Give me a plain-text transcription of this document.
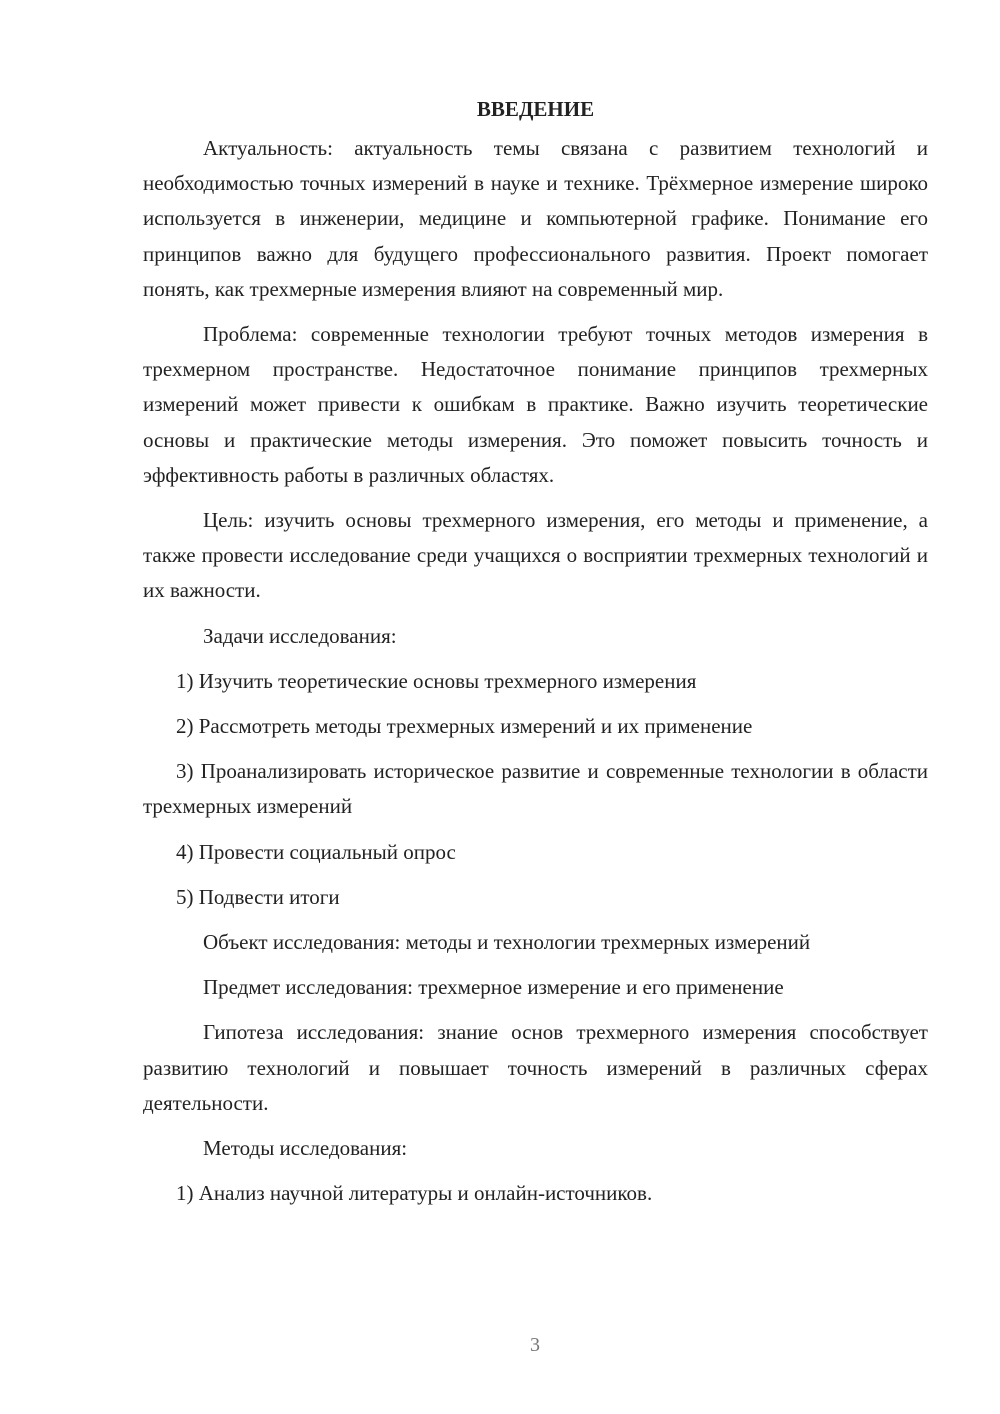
ВВЕДЕНИЕ

Актуальность: актуальность темы связана с развитием технологий и необходимостью точных измерений в науке и технике. Трёхмерное измерение широко используется в инженерии, медицине и компьютерной графике. Понимание его принципов важно для будущего профессионального развития. Проект помогает понять, как трехмерные измерения влияют на современный мир.

Проблема: современные технологии требуют точных методов измерения в трехмерном пространстве. Недостаточное понимание принципов трехмерных измерений может привести к ошибкам в практике. Важно изучить теоретические основы и практические методы измерения. Это поможет повысить точность и эффективность работы в различных областях.

Цель: изучить основы трехмерного измерения, его методы и применение, а также провести исследование среди учащихся о восприятии трехмерных технологий и их важности.

Задачи исследования:

1) Изучить теоретические основы трехмерного измерения

2) Рассмотреть методы трехмерных измерений и их применение

3) Проанализировать историческое развитие и современные технологии в области трехмерных измерений

4) Провести социальный опрос

5) Подвести итоги

Объект исследования: методы и технологии трехмерных измерений

Предмет исследования: трехмерное измерение и его применение

Гипотеза исследования: знание основ трехмерного измерения способствует развитию технологий и повышает точность измерений в различных сферах деятельности.

Методы исследования:

1) Анализ научной литературы и онлайн-источников.

3
